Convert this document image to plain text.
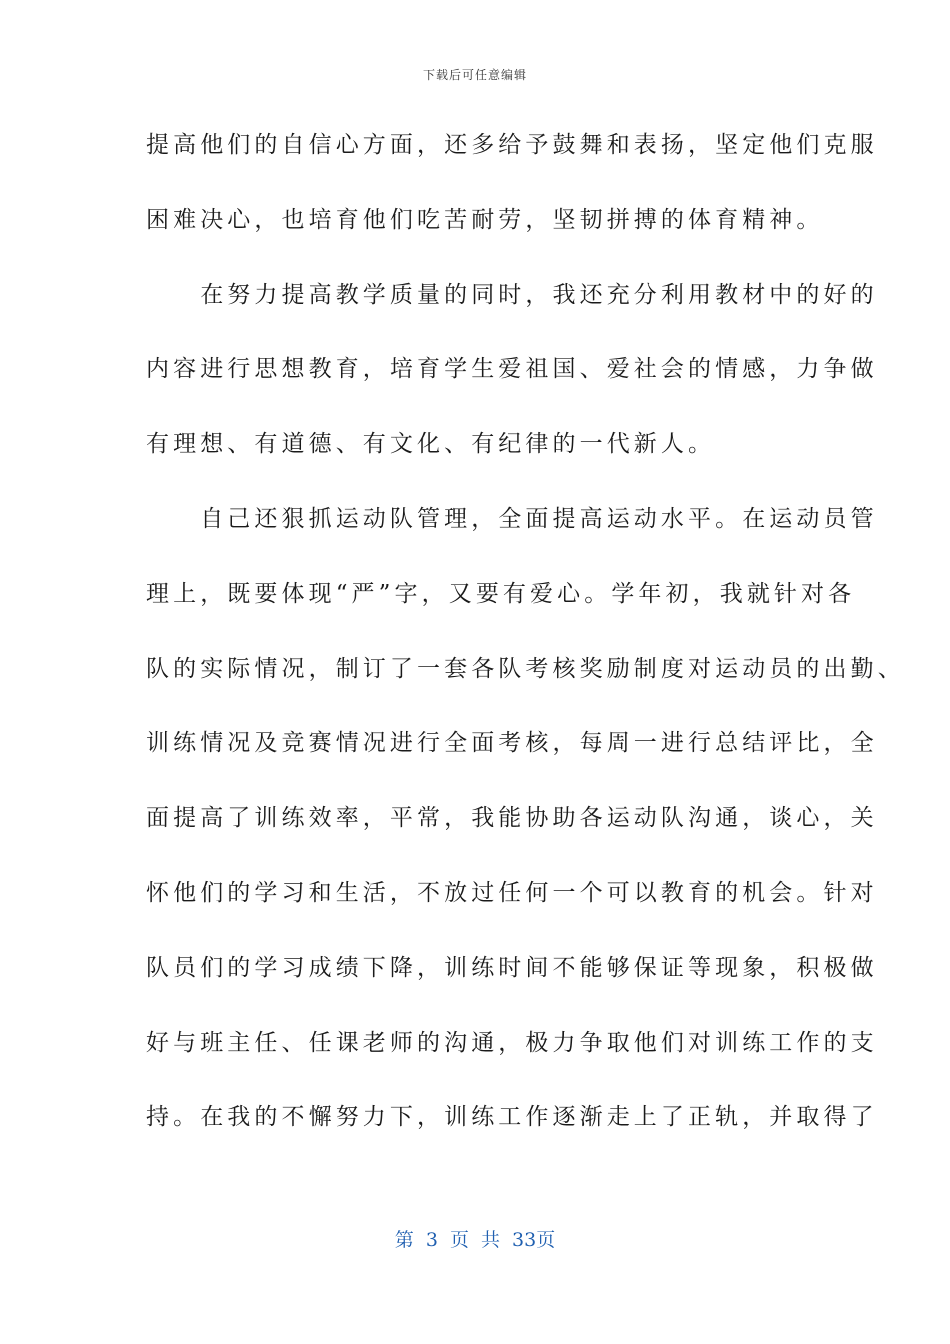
下载后可任意编辑
提高他们的自信心方面，还多给予鼓舞和表扬，坚定他们克服
困难决心，也培育他们吃苦耐劳，坚韧拼搏的体育精神。
　　在努力提高教学质量的同时，我还充分利用教材中的好的
内容进行思想教育，培育学生爱祖国、爱社会的情感，力争做
有理想、有道德、有文化、有纪律的一代新人。
　　自己还狠抓运动队管理，全面提高运动水平。在运动员管
理上，既要体现“严”字，又要有爱心。学年初，我就针对各
队的实际情况，制订了一套各队考核奖励制度对运动员的出勤、
训练情况及竞赛情况进行全面考核，每周一进行总结评比，全
面提高了训练效率，平常，我能协助各运动队沟通，谈心，关
怀他们的学习和生活，不放过任何一个可以教育的机会。针对
队员们的学习成绩下降，训练时间不能够保证等现象，积极做
好与班主任、任课老师的沟通，极力争取他们对训练工作的支
持。在我的不懈努力下，训练工作逐渐走上了正轨，并取得了
第 3 页 共 33页
